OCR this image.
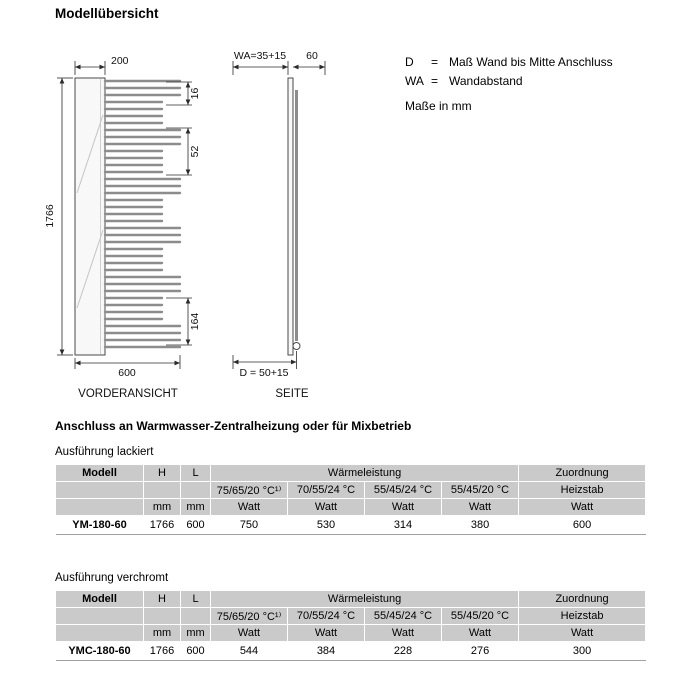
Modellübersicht
200
1766
600
16
52
164
VORDERANSICHT
WA=35+15 60
D = 50+15
SEITE
D	= Maß Wand bis Mitte Anschluss
WA = Wandabstand
Maße in mm
Anschluss an Warmwasser-Zentralheizung oder für Mixbetrieb
Ausführung lackiert
Modell	H	L	Wärmeleistung				Zuordnung
			75/65/20 °C¹⁾	70/55/24 °C	55/45/24 °C	55/45/20 °C	Heizstab
	mm	mm	Watt	Watt	Watt	Watt	Watt
YM-180-60	1766	600	750	530	314	380	600
Ausführung verchromt
Modell	H	L	Wärmeleistung				Zuordnung
			75/65/20 °C¹⁾	70/55/24 °C	55/45/24 °C	55/45/20 °C	Heizstab
	mm	mm	Watt	Watt	Watt	Watt	Watt
YMC-180-60	1766	600	544	384	228	276	300
